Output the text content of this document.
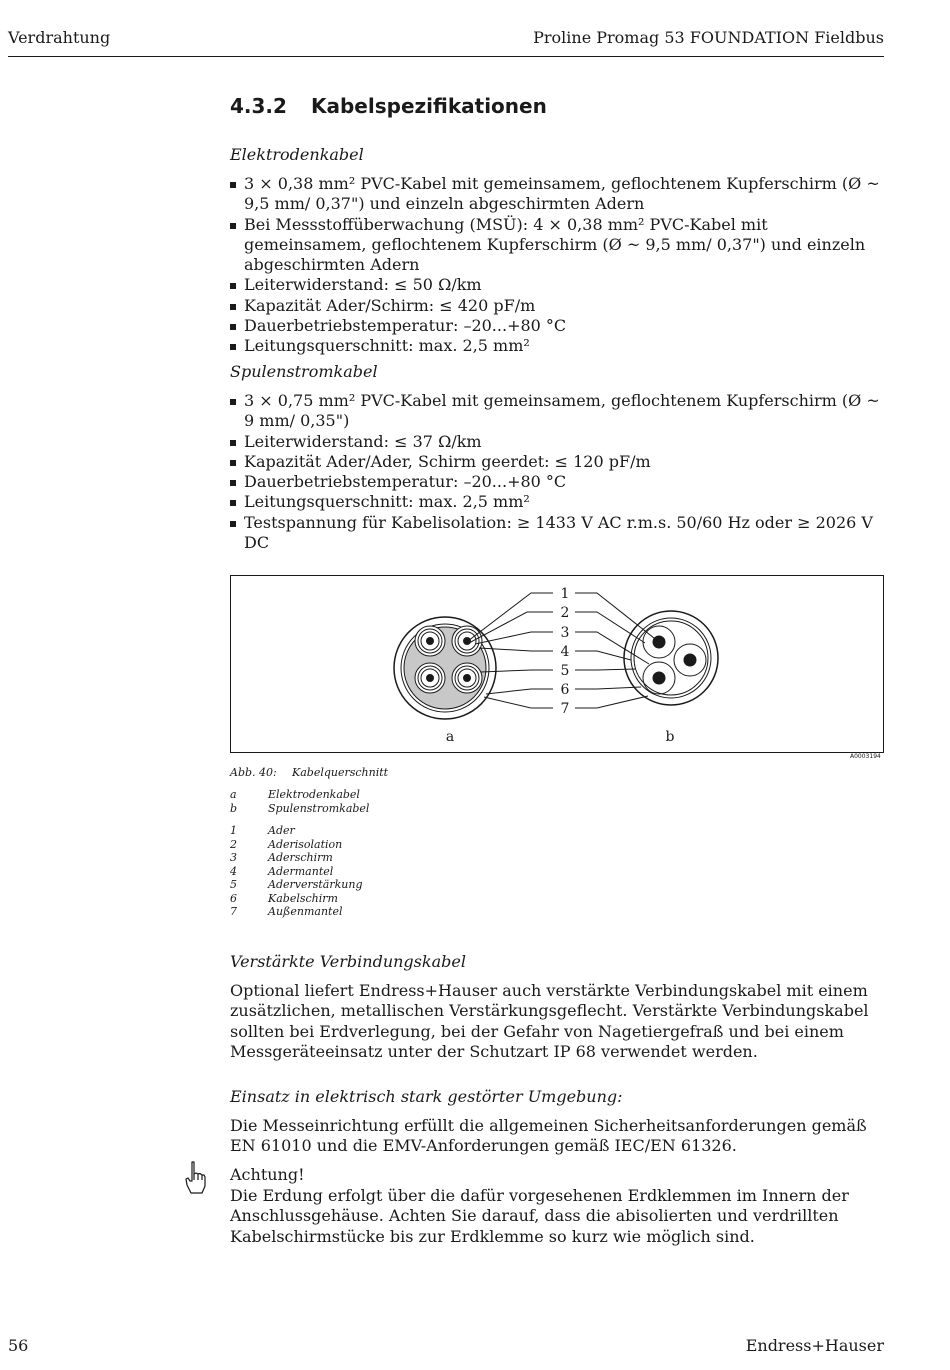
Verdrahtung	Proline Promag 53 FOUNDATION Fieldbus
4.3.2 Kabelspezifikationen
Elektrodenkabel
3 × 0,38 mm² PVC-Kabel mit gemeinsamem, geflochtenem Kupferschirm (Ø ~ 9,5 mm/ 0,37") und einzeln abgeschirmten Adern
Bei Messstoffüberwachung (MSÜ): 4 × 0,38 mm² PVC-Kabel mit gemeinsamem, geflochtenem Kupferschirm (Ø ~ 9,5 mm/ 0,37") und einzeln abgeschirmten Adern
Leiterwiderstand: ≤ 50 Ω/km
Kapazität Ader/Schirm: ≤ 420 pF/m
Dauerbetriebstemperatur: –20...+80 °C
Leitungsquerschnitt: max. 2,5 mm²
Spulenstromkabel
3 × 0,75 mm² PVC-Kabel mit gemeinsamem, geflochtenem Kupferschirm (Ø ~ 9 mm/ 0,35")
Leiterwiderstand: ≤ 37 Ω/km
Kapazität Ader/Ader, Schirm geerdet: ≤ 120 pF/m
Dauerbetriebstemperatur: –20...+80 °C
Leitungsquerschnitt: max. 2,5 mm²
Testspannung für Kabelisolation: ≥ 1433 V AC r.m.s. 50/60 Hz oder ≥ 2026 V DC
Verstärkte Verbindungskabel
Optional liefert Endress+Hauser auch verstärkte Verbindungskabel mit einem zusätzlichen, metallischen Verstärkungsgeflecht. Verstärkte Verbindungskabel sollten bei Erdverlegung, bei der Gefahr von Nagetiergefraß und bei einem Messgeräteeinsatz unter der Schutzart IP 68 verwendet werden.
Einsatz in elektrisch stark gestörter Umgebung:
Die Messeinrichtung erfüllt die allgemeinen Sicherheitsanforderungen gemäß EN 61010 und die EMV-Anforderungen gemäß IEC/EN 61326.
Achtung!
Die Erdung erfolgt über die dafür vorgesehenen Erdklemmen im Innern der Anschlussgehäuse. Achten Sie darauf, dass die abisolierten und verdrillten Kabelschirmstücke bis zur Erdklemme so kurz wie möglich sind.
1
2
3
4
5
6
7
a	b
A0003194
Abb. 40: Kabelquerschnitt
a	Elektrodenkabel
b	Spulenstromkabel
1	Ader
2	Aderisolation
3	Aderschirm
4	Adermantel
5	Aderverstärkung
6	Kabelschirm
7	Außenmantel
56	Endress+Hauser
